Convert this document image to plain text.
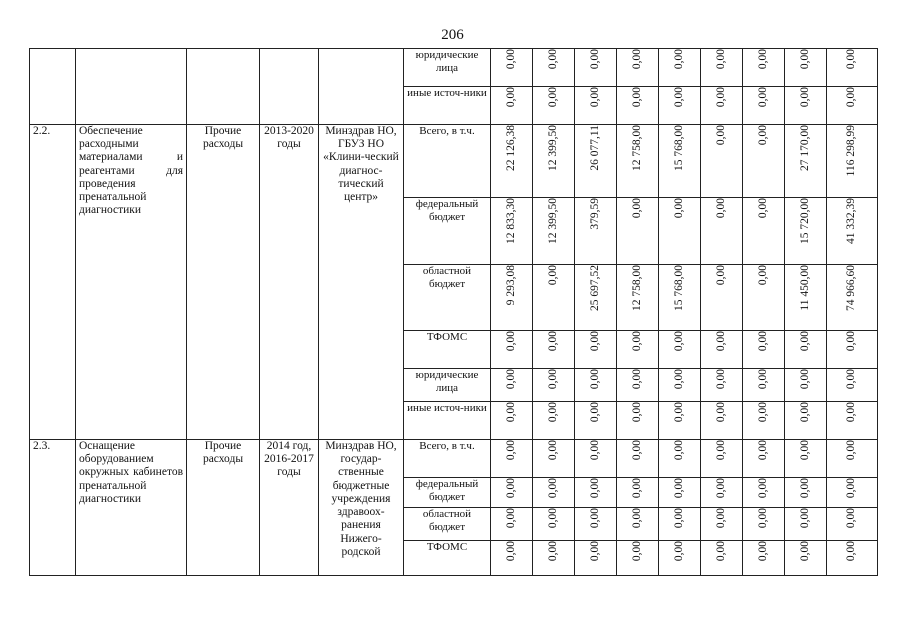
206
					юридические лица	0,00	0,00	0,00	0,00	0,00	0,00	0,00	0,00	0,00
					иные источ-ники	0,00	0,00	0,00	0,00	0,00	0,00	0,00	0,00	0,00
2.2.	Обеспечение расходными материалами и реагентами для проведения пренатальной диагностики	Прочие расходы	2013-2020 годы	Минздрав НО, ГБУЗ НО «Клини-ческий диагнос-тический центр»	Всего, в т.ч.	22 126,38	12 399,50	26 077,11	12 758,00	15 768,00	0,00	0,00	27 170,00	116 298,99
					федеральный бюджет	12 833,30	12 399,50	379,59	0,00	0,00	0,00	0,00	15 720,00	41 332,39
					областной бюджет	9 293,08	0,00	25 697,52	12 758,00	15 768,00	0,00	0,00	11 450,00	74 966,60
					ТФОМС	0,00	0,00	0,00	0,00	0,00	0,00	0,00	0,00	0,00
					юридические лица	0,00	0,00	0,00	0,00	0,00	0,00	0,00	0,00	0,00
					иные источ-ники	0,00	0,00	0,00	0,00	0,00	0,00	0,00	0,00	0,00
2.3.	Оснащение оборудованием окружных кабинетов пренатальной диагностики	Прочие расходы	2014 год, 2016-2017 годы	Минздрав НО, государ-ственные бюджетные учреждения здравоох-ранения Нижего-родской	Всего, в т.ч.	0,00	0,00	0,00	0,00	0,00	0,00	0,00	0,00	0,00
					федеральный бюджет	0,00	0,00	0,00	0,00	0,00	0,00	0,00	0,00	0,00
					областной бюджет	0,00	0,00	0,00	0,00	0,00	0,00	0,00	0,00	0,00
					ТФОМС	0,00	0,00	0,00	0,00	0,00	0,00	0,00	0,00	0,00
